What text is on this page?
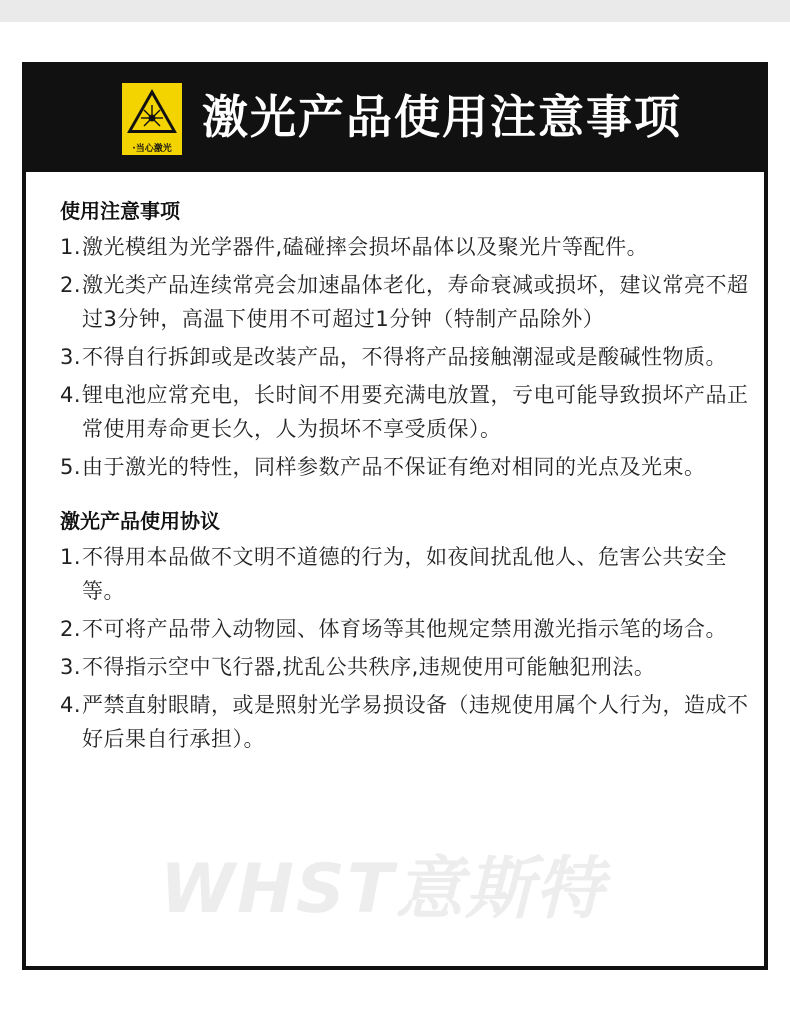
·当心激光
激光产品使用注意事项
使用注意事项
1. 激光模组为光学器件,磕碰摔会损坏晶体以及聚光片等配件。
2. 激光类产品连续常亮会加速晶体老化，寿命衰减或损坏，建议常亮不超过3分钟，高温下使用不可超过1分钟（特制产品除外）
3. 不得自行拆卸或是改装产品，不得将产品接触潮湿或是酸碱性物质。
4. 锂电池应常充电，长时间不用要充满电放置，亏电可能导致损坏产品正常使用寿命更长久，人为损坏不享受质保）。
5. 由于激光的特性，同样参数产品不保证有绝对相同的光点及光束。
激光产品使用协议
1. 不得用本品做不文明不道德的行为，如夜间扰乱他人、危害公共安全等。
2. 不可将产品带入动物园、体育场等其他规定禁用激光指示笔的场合。
3. 不得指示空中飞行器,扰乱公共秩序,违规使用可能触犯刑法。
4. 严禁直射眼睛，或是照射光学易损设备（违规使用属个人行为，造成不好后果自行承担）。
WHST意斯特
